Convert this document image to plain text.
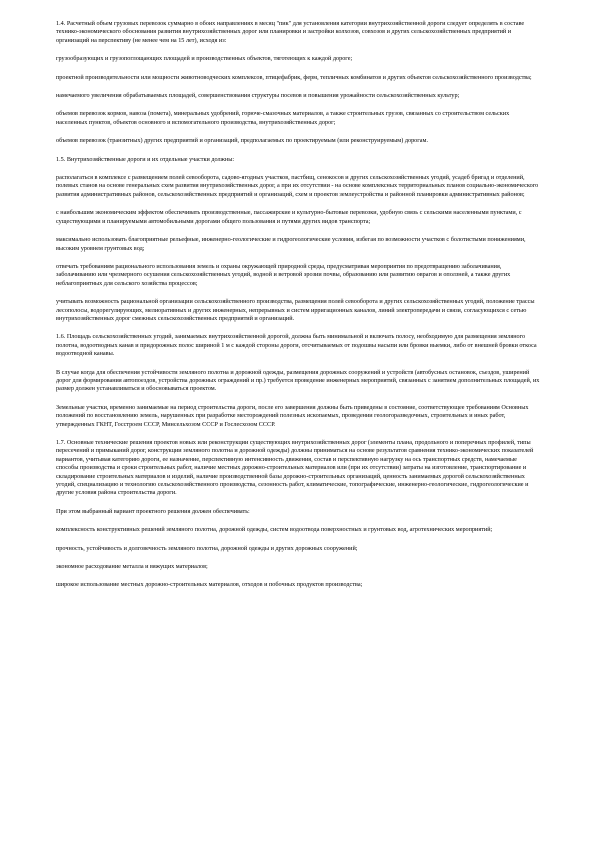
1.4. Расчетный объем грузовых перевозок суммарно в обоих направлениях в месяц "пик" для установления категории внутрихозяйственной дороги следует определять в составе технико-экономического обоснования развития внутрихозяйственных дорог или планировки и застройки колхозов, совхозов и других сельскохозяйственных предприятий и организаций на перспективу (не менее чем на 15 лет), исходя из:

грузообразующих и грузопоглощающих площадей и производственных объектов, тяготеющих к каждой дороге;

проектной производительности или мощности животноводческих комплексов, птицефабрик, ферм, тепличных комбинатов и других объектов сельскохозяйственного производства;

намечаемого увеличения обрабатываемых площадей, совершенствования структуры посевов и повышения урожайности сельскохозяйственных культур;

объемов перевозок кормов, навоза (помета), минеральных удобрений, горюче-смазочных материалов, а также строительных грузов, связанных со строительством сельских населенных пунктов, объектов основного и вспомогательного производства, внутрихозяйственных дорог;

объемов перевозок (транзитных) других предприятий и организаций, предполагаемых по проектируемым (или реконструируемым) дорогам.

1.5. Внутрихозяйственные дороги и их отдельные участки должны:

располагаться в комплексе с размещением полей севооборота, садово-ягодных участков, пастбищ, сенокосов и других сельскохозяйственных угодий, усадеб бригад и отделений, полевых станов на основе генеральных схем развития внутрихозяйственных дорог, а при их отсутствии - на основе комплексных территориальных планов социально-экономического развития административных районов, сельскохозяйственных предприятий и организаций, схем и проектов землеустройства и районной планировки административных районов;

с наибольшим экономическим эффектом обеспечивать производственные, пассажирские и культурно-бытовые перевозки, удобную связь с сельскими населенными пунктами, с существующими и планируемыми автомобильными дорогами общего пользования и путями других видов транспорта;

максимально использовать благоприятные рельефные, инженерно-геологические и гидрогеологические условия, избегая по возможности участков с болотистыми понижениями, высоким уровнем грунтовых вод;

отвечать требованиям рационального использования земель и охраны окружающей природной среды, предусматривая мероприятия по предотвращению заболачивания, заболачиванию или чрезмерного осушения сельскохозяйственных угодий, водной и ветровой эрозии почвы, образованию или развитию оврагов и оползней, а также других неблагоприятных для сельского хозяйства процессов;

учитывать возможность рациональной организации сельскохозяйственного производства, размещения полей севооборота и других сельскохозяйственных угодий, положение трассы лесополосы, водорегулирующих, мелиоративных и других инженерных, непрерывных и систем ирригационных каналов, линий электропередачи и связи, согласующихся с сетью внутрихозяйственных дорог смежных сельскохозяйственных предприятий и организаций.

1.6. Площадь сельскохозяйственных угодий, занимаемых внутрихозяйственной дорогой, должна быть минимальной и включать полосу, необходимую для размещения земляного полотна, водоотводных канав и придорожных полос шириной 1 м с каждой стороны дороги, отсчитываемых от подошвы насыпи или бровки выемки, либо от внешней бровки откоса водоотводной канавы.

В случае когда для обеспечения устойчивости земляного полотна и дорожной одежды, размещения дорожных сооружений и устройств (автобусных остановок, съездов, уширений дорог для формирования автопоездов, устройства дорожных ограждений и пр.) требуется проведение инженерных мероприятий, связанных с занятием дополнительных площадей, их размер должен устанавливаться и обосновываться проектом.

Земельные участки, временно занимаемые на период строительства дороги, после его завершения должны быть приведены в состояние, соответствующее требованиям Основных положений по восстановлению земель, нарушенных при разработке месторождений полезных ископаемых, проведении геологоразведочных, строительных и иных работ, утвержденных ГКНТ, Госстроем СССР, Минсельхозом СССР и Гослесхозом СССР.

1.7. Основные технические решения проектов новых или реконструкции существующих внутрихозяйственных дорог (элементы плана, продольного и поперечных профилей, типы пересечений и примыканий дорог, конструкции земляного полотна и дорожной одежды) должны приниматься на основе результатов сравнения технико-экономических показателей вариантов, учитывая категорию дороги, ее назначение, перспективную интенсивность движения, состав и перспективную нагрузку на ось транспортных средств, намечаемые способы производства и сроки строительных работ, наличие местных дорожно-строительных материалов или (при их отсутствии) затраты на изготовление, транспортирование и складирование строительных материалов и изделий, наличие производственной базы дорожно-строительных организаций, ценность занимаемых дорогой сельскохозяйственных угодий, специализацию и технологию сельскохозяйственного производства, сезонность работ, климатические, топографические, инженерно-геологические, гидрогеологические и другие условия района строительства дороги.

При этом выбранный вариант проектного решения должен обеспечивать:

комплексность конструктивных решений земляного полотна, дорожной одежды, систем водоотвода поверхностных и грунтовых вод, агротехнических мероприятий;

прочность, устойчивость и долговечность земляного полотна, дорожной одежды и других дорожных сооружений;

экономное расходование металла и вяжущих материалов;

широкое использование местных дорожно-строительных материалов, отходов и побочных продуктов производства;
